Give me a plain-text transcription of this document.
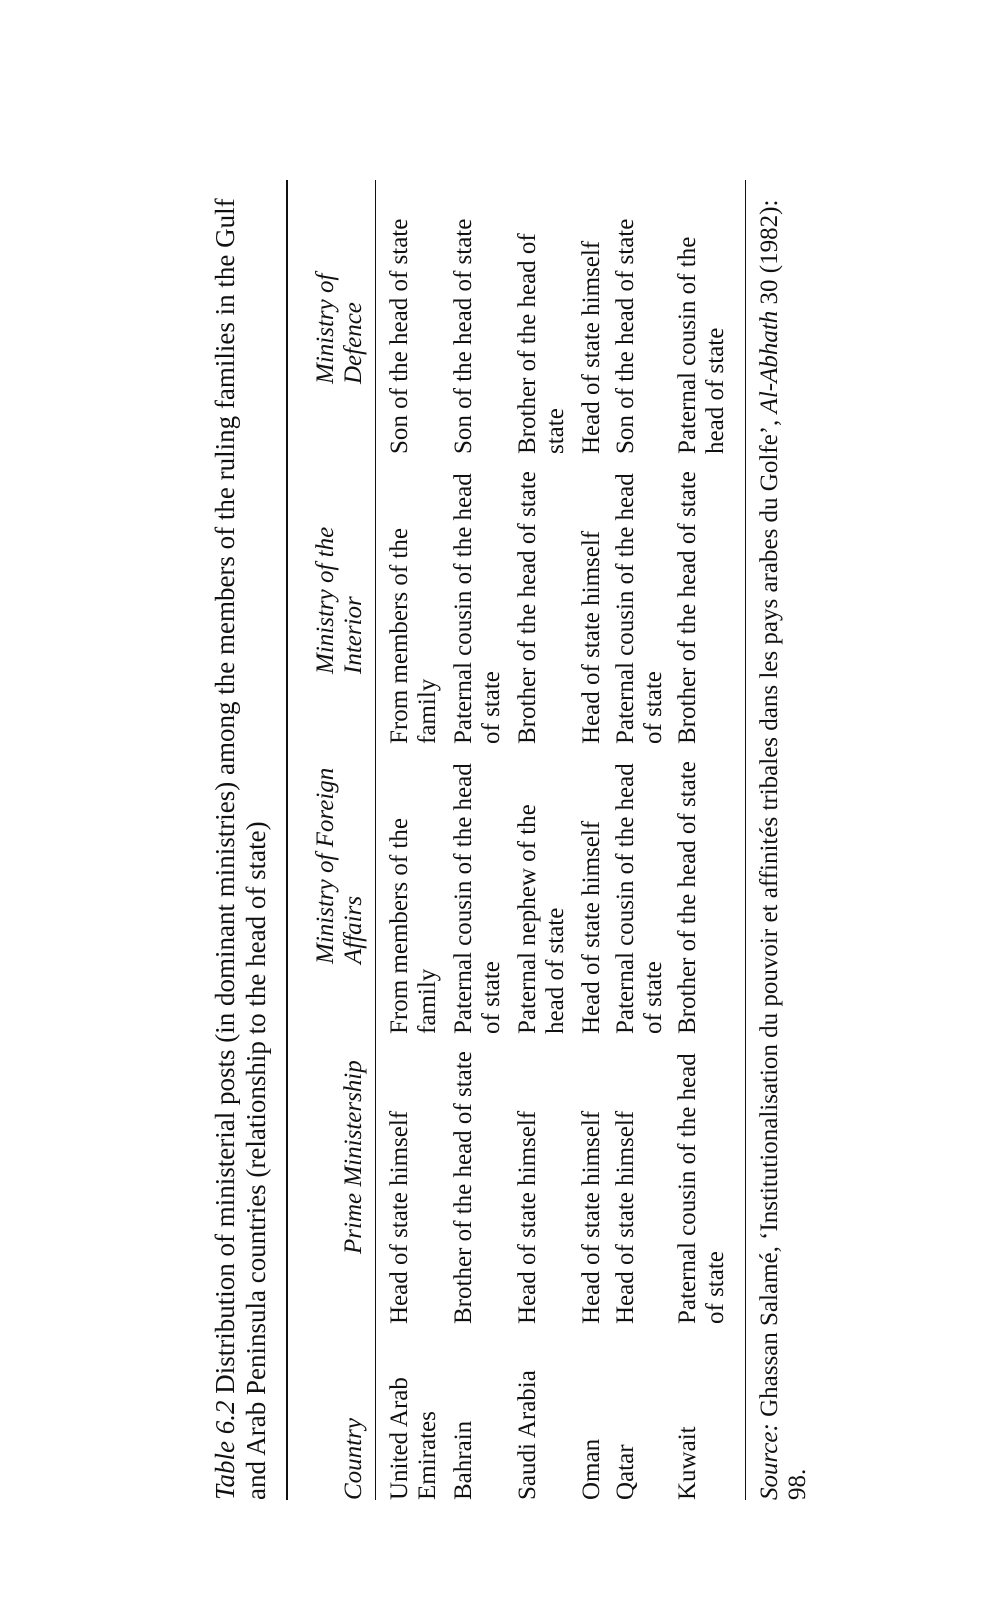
Table 6.2 Distribution of ministerial posts (in dominant ministries) among the members of the ruling families in the Gulf and Arab Peninsula countries (relationship to the head of state)	Country	Prime Ministership	Ministry of Foreign Affairs	Ministry of the Interior	Ministry of Defence
United Arab Emirates	Head of state himself	From members of the family	From members of the family	Son of the head of state
Bahrain	Brother of the head of state	Paternal cousin of the head of state	Paternal cousin of the head of state	Son of the head of state
Saudi Arabia	Head of state himself	Paternal nephew of the head of state	Brother of the head of state	Brother of the head of state
Oman	Head of state himself	Head of state himself	Head of state himself	Head of state himself
Qatar	Head of state himself	Paternal cousin of the head of state	Paternal cousin of the head of state	Son of the head of state
Kuwait	Paternal cousin of the head of state	Brother of the head of state	Brother of the head of state	Paternal cousin of the head of state
Source: Ghassan Salamé, ‘Institutionalisation du pouvoir et affinités tribales dans les pays arabes du Golfe’, Al-Abhath 30 (1982): 98.
